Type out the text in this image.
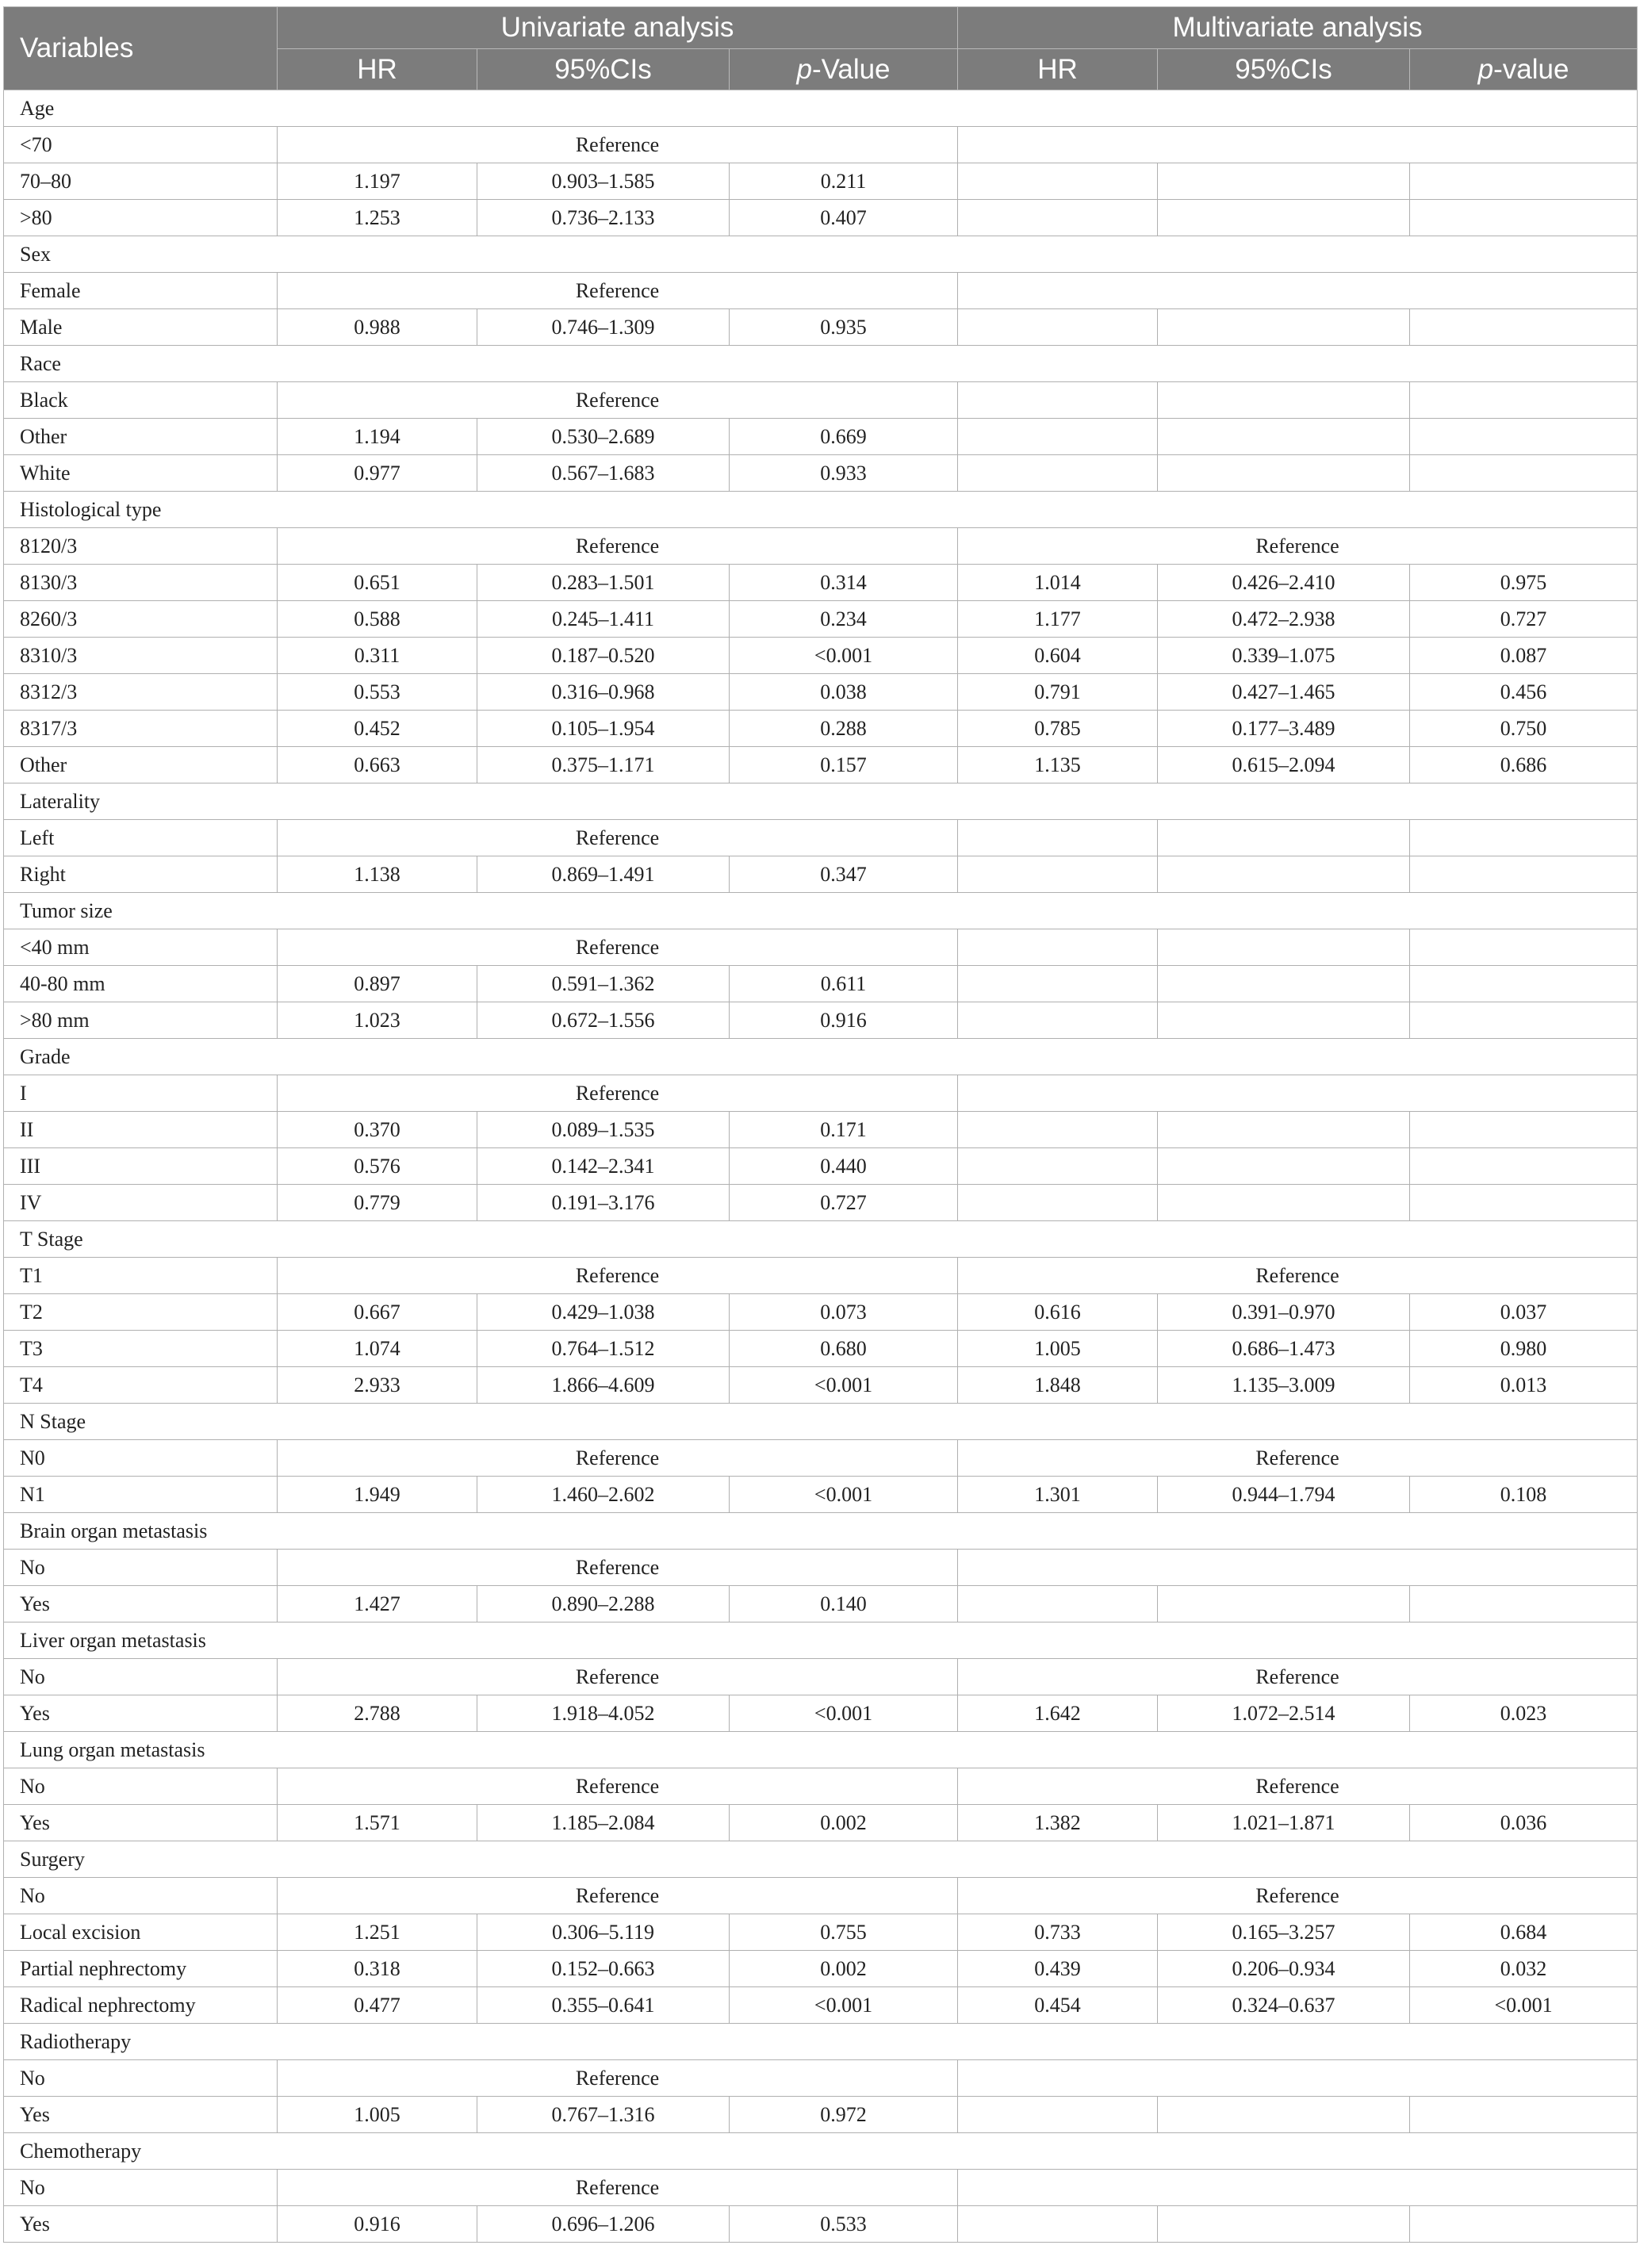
Variables	Univariate analysis			Multivariate analysis		
	HR	95%CIs	p-Value	HR	95%CIs	p-value
Age						
<70	Reference					
70–80	1.197	0.903–1.585	0.211			
>80	1.253	0.736–2.133	0.407			
Sex						
Female	Reference					
Male	0.988	0.746–1.309	0.935			
Race						
Black	Reference					
Other	1.194	0.530–2.689	0.669			
White	0.977	0.567–1.683	0.933			
Histological type						
8120/3	Reference			Reference		
8130/3	0.651	0.283–1.501	0.314	1.014	0.426–2.410	0.975
8260/3	0.588	0.245–1.411	0.234	1.177	0.472–2.938	0.727
8310/3	0.311	0.187–0.520	<0.001	0.604	0.339–1.075	0.087
8312/3	0.553	0.316–0.968	0.038	0.791	0.427–1.465	0.456
8317/3	0.452	0.105–1.954	0.288	0.785	0.177–3.489	0.750
Other	0.663	0.375–1.171	0.157	1.135	0.615–2.094	0.686
Laterality						
Left	Reference					
Right	1.138	0.869–1.491	0.347			
Tumor size						
<40 mm	Reference					
40-80 mm	0.897	0.591–1.362	0.611			
>80 mm	1.023	0.672–1.556	0.916			
Grade						
I	Reference					
II	0.370	0.089–1.535	0.171			
III	0.576	0.142–2.341	0.440			
IV	0.779	0.191–3.176	0.727			
T Stage						
T1	Reference			Reference		
T2	0.667	0.429–1.038	0.073	0.616	0.391–0.970	0.037
T3	1.074	0.764–1.512	0.680	1.005	0.686–1.473	0.980
T4	2.933	1.866–4.609	<0.001	1.848	1.135–3.009	0.013
N Stage						
N0	Reference			Reference		
N1	1.949	1.460–2.602	<0.001	1.301	0.944–1.794	0.108
Brain organ metastasis						
No	Reference					
Yes	1.427	0.890–2.288	0.140			
Liver organ metastasis						
No	Reference			Reference		
Yes	2.788	1.918–4.052	<0.001	1.642	1.072–2.514	0.023
Lung organ metastasis						
No	Reference			Reference		
Yes	1.571	1.185–2.084	0.002	1.382	1.021–1.871	0.036
Surgery						
No	Reference			Reference		
Local excision	1.251	0.306–5.119	0.755	0.733	0.165–3.257	0.684
Partial nephrectomy	0.318	0.152–0.663	0.002	0.439	0.206–0.934	0.032
Radical nephrectomy	0.477	0.355–0.641	<0.001	0.454	0.324–0.637	<0.001
Radiotherapy						
No	Reference					
Yes	1.005	0.767–1.316	0.972			
Chemotherapy						
No	Reference					
Yes	0.916	0.696–1.206	0.533			
